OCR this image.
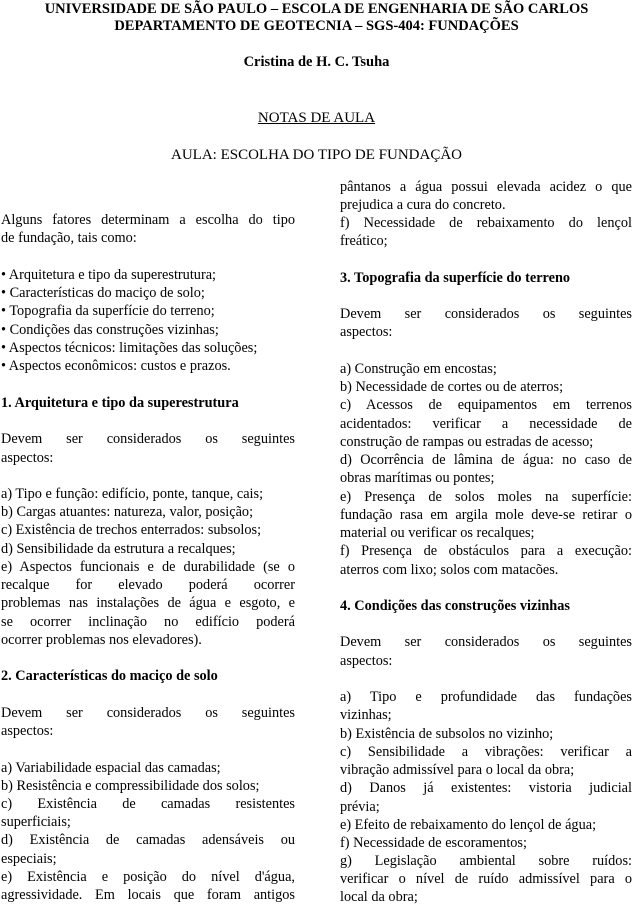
UNIVERSIDADE DE SÃO PAULO – ESCOLA DE ENGENHARIA DE SÃO CARLOS
DEPARTAMENTO DE GEOTECNIA – SGS-404: FUNDAÇÕES
Cristina de H. C. Tsuha
NOTAS DE AULA
AULA: ESCOLHA DO TIPO DE FUNDAÇÃO
Alguns fatores determinam a escolha do tipo
de fundação, tais como:
• Arquitetura e tipo da superestrutura;
• Características do maciço de solo;
• Topografia da superfície do terreno;
• Condições das construções vizinhas;
• Aspectos técnicos: limitações das soluções;
• Aspectos econômicos: custos e prazos.
1. Arquitetura e tipo da superestrutura
Devem ser considerados os seguintes
aspectos:
a) Tipo e função: edifício, ponte, tanque, cais;
b) Cargas atuantes: natureza, valor, posição;
c) Existência de trechos enterrados: subsolos;
d) Sensibilidade da estrutura a recalques;
e) Aspectos funcionais e de durabilidade (se o
recalque for elevado poderá ocorrer
problemas nas instalações de água e esgoto, e
se ocorrer inclinação no edifício poderá
ocorrer problemas nos elevadores).
2. Características do maciço de solo
Devem ser considerados os seguintes
aspectos:
a) Variabilidade espacial das camadas;
b) Resistência e compressibilidade dos solos;
c) Existência de camadas resistentes
superficiais;
d) Existência de camadas adensáveis ou
especiais;
e) Existência e posição do nível d'água,
agressividade. Em locais que foram antigos
pântanos a água possui elevada acidez o que
prejudica a cura do concreto.
f) Necessidade de rebaixamento do lençol
freático;
3. Topografia da superfície do terreno
Devem ser considerados os seguintes
aspectos:
a) Construção em encostas;
b) Necessidade de cortes ou de aterros;
c) Acessos de equipamentos em terrenos
acidentados: verificar a necessidade de
construção de rampas ou estradas de acesso;
d) Ocorrência de lâmina de água: no caso de
obras marítimas ou pontes;
e) Presença de solos moles na superfície:
fundação rasa em argila mole deve-se retirar o
material ou verificar os recalques;
f) Presença de obstáculos para a execução:
aterros com lixo; solos com matacões.
4. Condições das construções vizinhas
Devem ser considerados os seguintes
aspectos:
a) Tipo e profundidade das fundações
vizinhas;
b) Existência de subsolos no vizinho;
c) Sensibilidade a vibrações: verificar a
vibração admissível para o local da obra;
d) Danos já existentes: vistoria judicial
prévia;
e) Efeito de rebaixamento do lençol de água;
f) Necessidade de escoramentos;
g) Legislação ambiental sobre ruídos:
verificar o nível de ruído admissível para o
local da obra;
